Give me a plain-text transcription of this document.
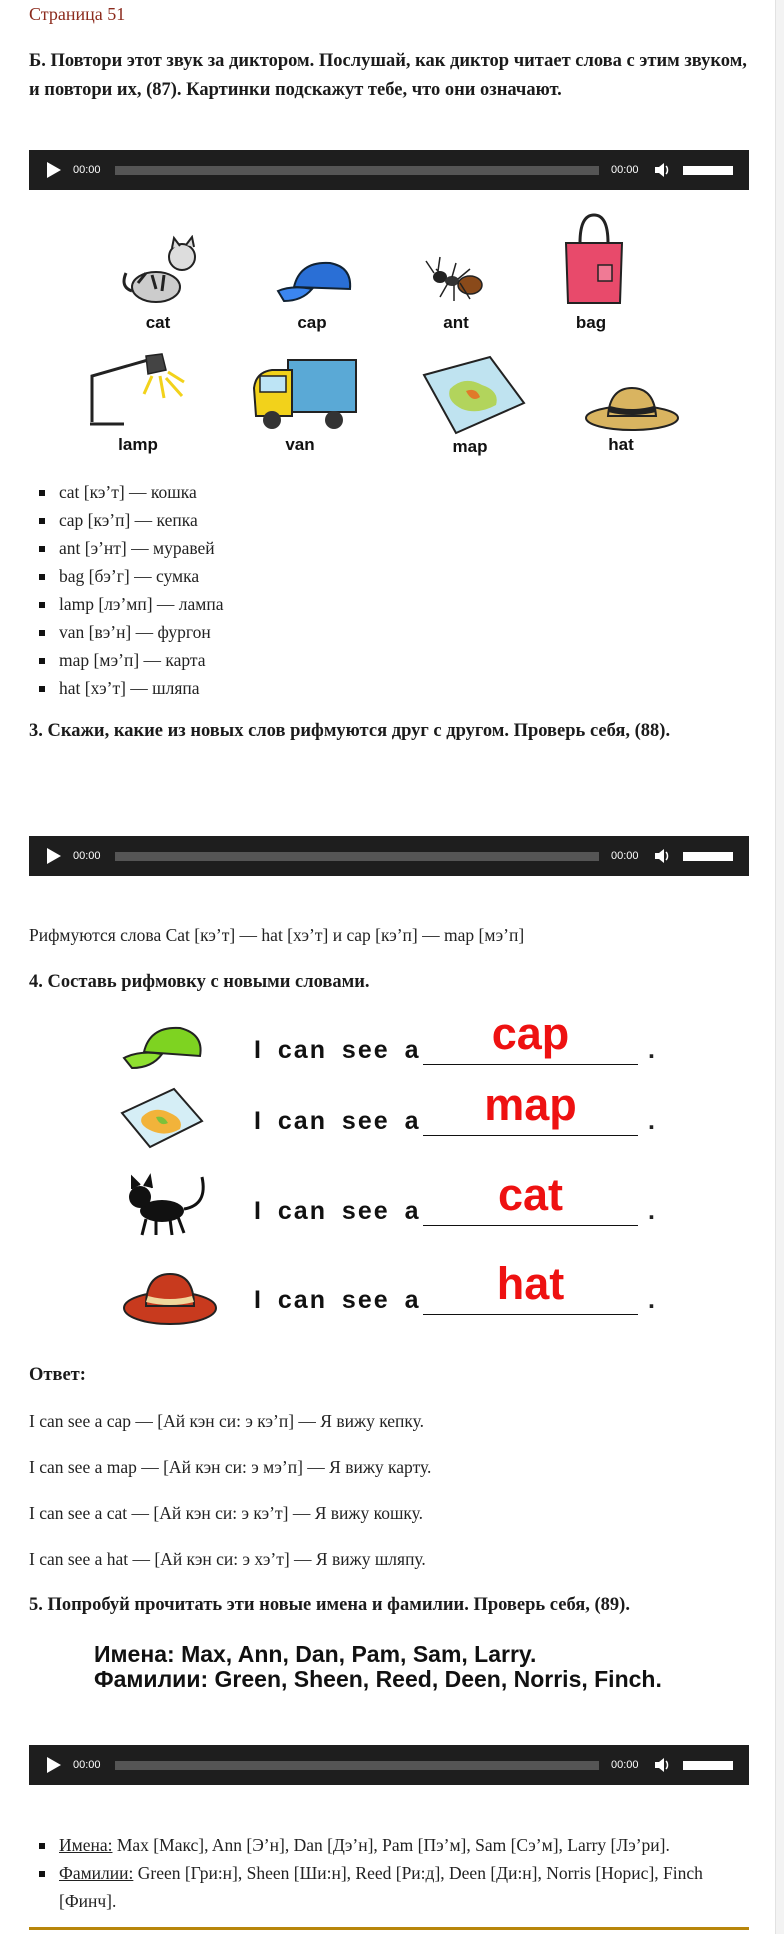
Страница 51
Б. Повтори этот звук за диктором. Послушай, как диктор читает слова с этим звуком, и повтори их, (87). Картинки подскажут тебе, что они означают.
00:00	00:00
cat	cap	ant	bag
lamp	van	map	hat
cat [кэ’т] — кошка
cap [кэ’п] — кепка
ant [э’нт] — муравей
bag [бэ’г] — сумка
lamp [лэ’мп] — лампа
van [вэ’н] — фургон
map [мэ’п] — карта
hat [хэ’т] — шляпа
3. Скажи, какие из новых слов рифмуются друг с другом. Проверь себя, (88).
00:00	00:00
Рифмуются слова Cat [кэ’т] — hat [хэ’т] и cap [кэ’п] — map [мэ’п]
4. Составь рифмовку с новыми словами.
I can see a	.
cap
I can see a	.
map
I can see a	.
cat
I can see a	.
hat
Ответ:
I can see a cap — [Ай кэн си: э кэ’п] — Я вижу кепку.
I can see a map — [Ай кэн си: э мэ’п] — Я вижу карту.
I can see a cat — [Ай кэн си: э кэ’т] — Я вижу кошку.
I can see a hat — [Ай кэн си: э хэ’т] — Я вижу шляпу.
5. Попробуй прочитать эти новые имена и фамилии. Проверь себя, (89).
Имена: Max, Ann, Dan, Pam, Sam, Larry.
Фамилии: Green, Sheen, Reed, Deen, Norris, Finch.
00:00	00:00
Имена: Max [Макс], Ann [Э’н], Dan [Дэ’н], Pam [Пэ’м], Sam [Сэ’м], Larry [Лэ’ри].
Фамилии: Green [Гри:н], Sheen [Ши:н], Reed [Ри:д], Deen [Ди:н], Norris [Норис], Finch [Финч].
